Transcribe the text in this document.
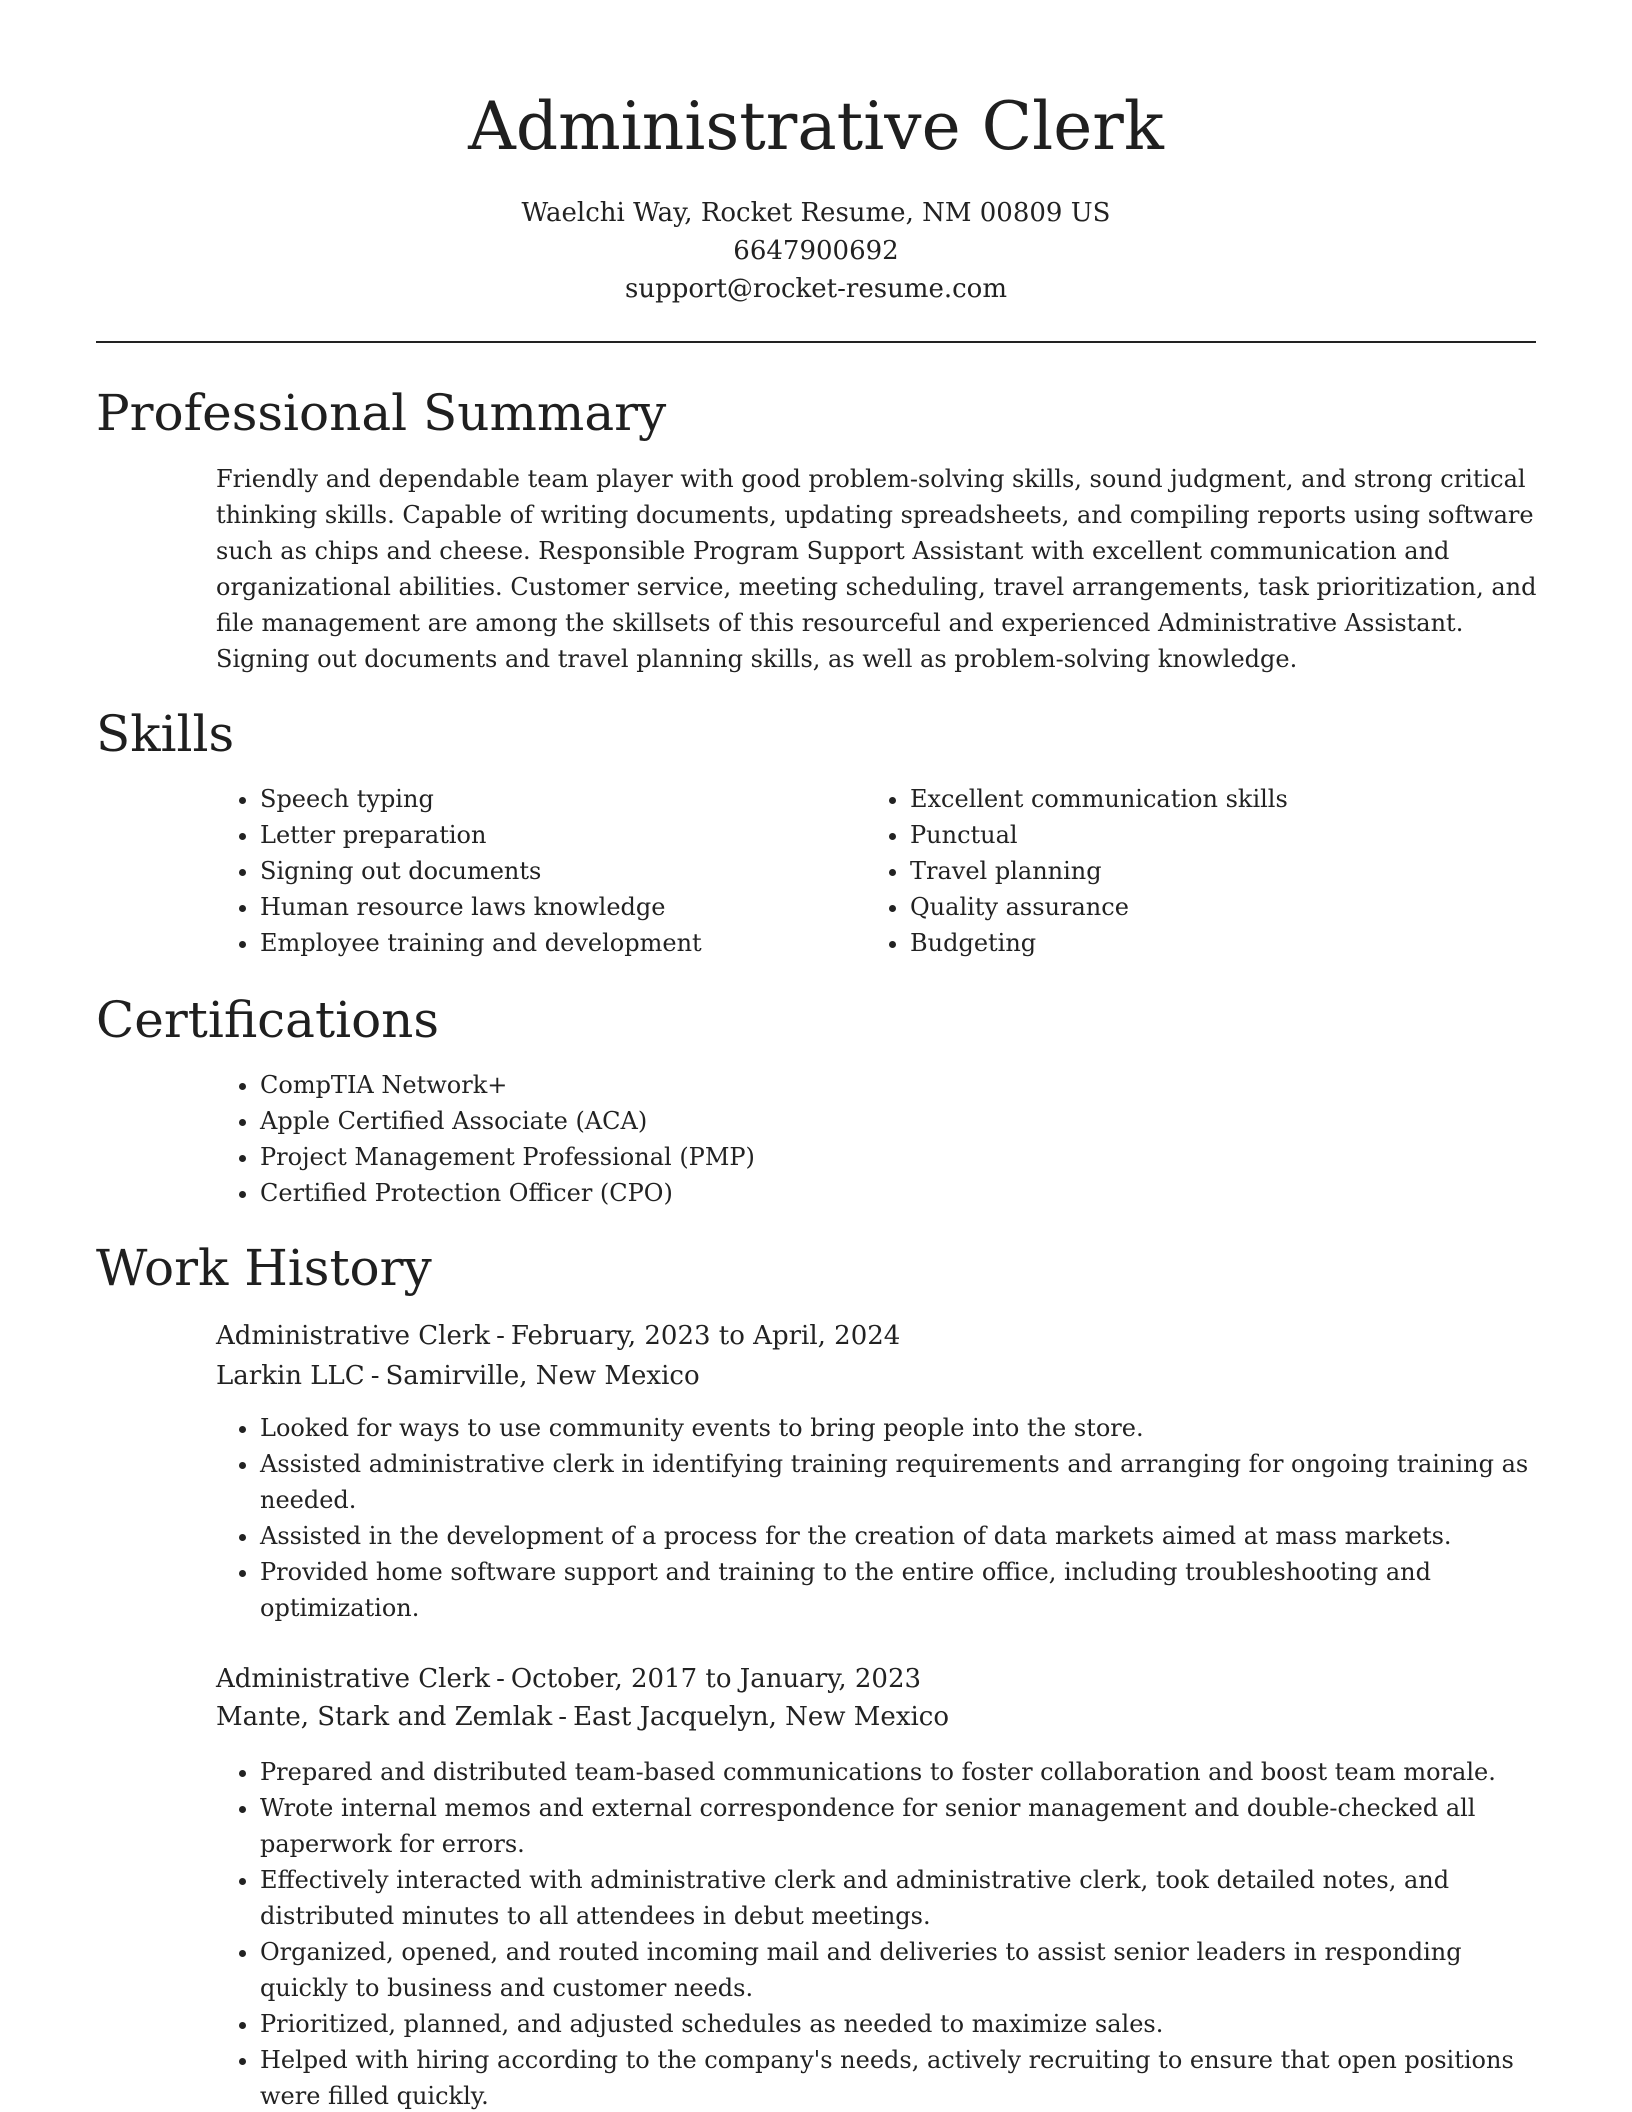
Administrative Clerk
Waelchi Way, Rocket Resume, NM 00809 US
6647900692
support@rocket-resume.com
Professional Summary

Friendly and dependable team player with good problem-solving skills, sound judgment, and strong critical thinking skills. Capable of writing documents, updating spreadsheets, and compiling reports using software such as chips and cheese. Responsible Program Support Assistant with excellent communication and organizational abilities. Customer service, meeting scheduling, travel arrangements, task prioritization, and file management are among the skillsets of this resourceful and experienced Administrative Assistant. Signing out documents and travel planning skills, as well as problem-solving knowledge.

Skills
• Speech typing
• Letter preparation
• Signing out documents
• Human resource laws knowledge
• Employee training and development
• Excellent communication skills
• Punctual
• Travel planning
• Quality assurance
• Budgeting
Certifications
• CompTIA Network+
• Apple Certified Associate (ACA)
• Project Management Professional (PMP)
• Certified Protection Officer (CPO)
Work History
Administrative Clerk - February, 2023 to April, 2024
Larkin LLC - Samirville, New Mexico
• Looked for ways to use community events to bring people into the store.
• Assisted administrative clerk in identifying training requirements and arranging for ongoing training as needed.
• Assisted in the development of a process for the creation of data markets aimed at mass markets.
• Provided home software support and training to the entire office, including troubleshooting and optimization.
Administrative Clerk - October, 2017 to January, 2023
Mante, Stark and Zemlak - East Jacquelyn, New Mexico
• Prepared and distributed team-based communications to foster collaboration and boost team morale.
• Wrote internal memos and external correspondence for senior management and double-checked all paperwork for errors.
• Effectively interacted with administrative clerk and administrative clerk, took detailed notes, and distributed minutes to all attendees in debut meetings.
• Organized, opened, and routed incoming mail and deliveries to assist senior leaders in responding quickly to business and customer needs.
• Prioritized, planned, and adjusted schedules as needed to maximize sales.
• Helped with hiring according to the company's needs, actively recruiting to ensure that open positions were filled quickly.
